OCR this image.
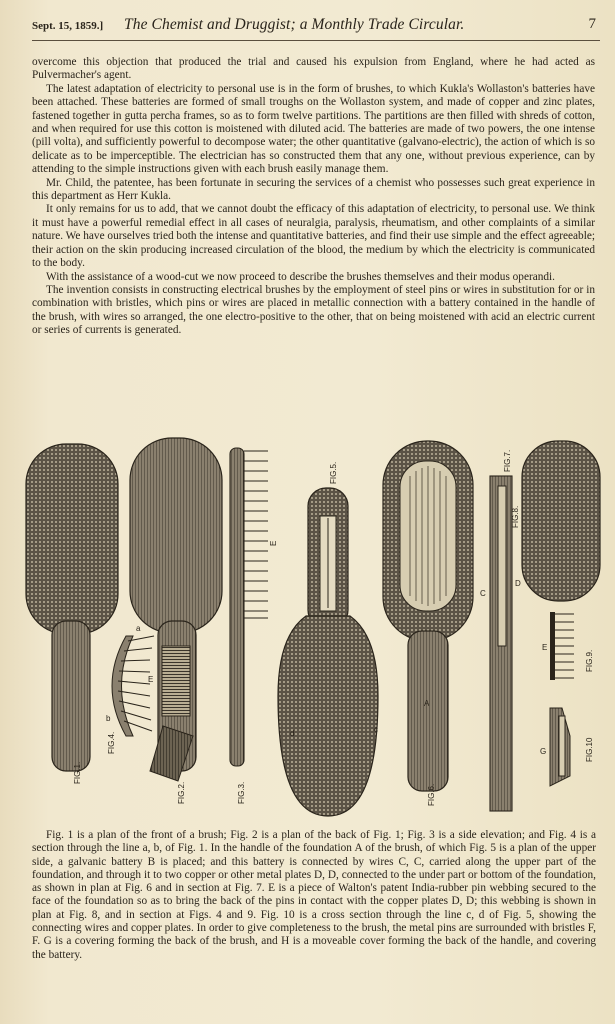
Sept. 15, 1859.] The Chemist and Druggist; a Monthly Trade Circular.	7

overcome this objection that produced the trial and caused his expulsion from England, where he had acted as Pulvermacher's agent.

The latest adaptation of electricity to personal use is in the form of brushes, to which Kukla's Wollaston's batteries have been attached. These batteries are formed of small troughs on the Wollaston system, and made of copper and zinc plates, fastened together in gutta percha frames, so as to form twelve partitions. The partitions are then filled with shreds of cotton, and when required for use this cotton is moistened with diluted acid. The batteries are made of two powers, the one intense (pill volta), and sufficiently powerful to decompose water; the other quantitative (galvano-electric), the action of which is so delicate as to be imperceptible. The electrician has so constructed them that any one, without previous experience, can by attending to the simple instructions given with each brush easily manage them.

Mr. Child, the patentee, has been fortunate in securing the services of a chemist who possesses such great experience in this department as Herr Kukla.

It only remains for us to add, that we cannot doubt the efficacy of this adaptation of electricity, to personal use. We think it must have a powerful remedial effect in all cases of neuralgia, paralysis, rheumatism, and other complaints of a similar nature. We have ourselves tried both the intense and quantitative batteries, and find their use simple and the effect agreeable; their action on the skin producing increased circulation of the blood, the medium by which the electricity is communicated to the body.

With the assistance of a wood-cut we now proceed to describe the brushes themselves and their modus operandi.

The invention consists in constructing electrical brushes by the employment of steel pins or wires in substitution for or in combination with bristles, which pins or wires are placed in metallic connection with a battery contained in the handle of the brush, with wires so arranged, the one electro-positive to the other, that on being moistened with acid an electric current or series of currents is generated.

FIG.1.
FIG.2.
FIG.4.
a
E
b
FIG.3.
E
FIG.5.
d	c
FIG.6.
A
FIG.7.
C
D
FIG.8.
FIG.9.
E
FIG.10
G
Fig. 1 is a plan of the front of a brush; Fig. 2 is a plan of the back of Fig. 1; Fig. 3 is a side elevation; and Fig. 4 is a section through the line a, b, of Fig. 1. In the handle of the foundation A of the brush, of which Fig. 5 is a plan of the upper side, a galvanic battery B is placed; and this battery is connected by wires C, C, carried along the upper part of the foundation, and through it to two copper or other metal plates D, D, connected to the under part or bottom of the foundation, as shown in plan at Fig. 6 and in section at Fig. 7. E is a piece of Walton's patent India-rubber pin webbing secured to the face of the foundation so as to bring the back of the pins in contact with the copper plates D, D; this webbing is shown in plan at Fig. 8, and in section at Figs. 4 and 9. Fig. 10 is a cross section through the line c, d of Fig. 5, showing the connecting wires and copper plates. In order to give completeness to the brush, the metal pins are surrounded with bristles F, F. G is a covering forming the back of the brush, and H is a moveable cover forming the back of the handle, and covering the battery.
